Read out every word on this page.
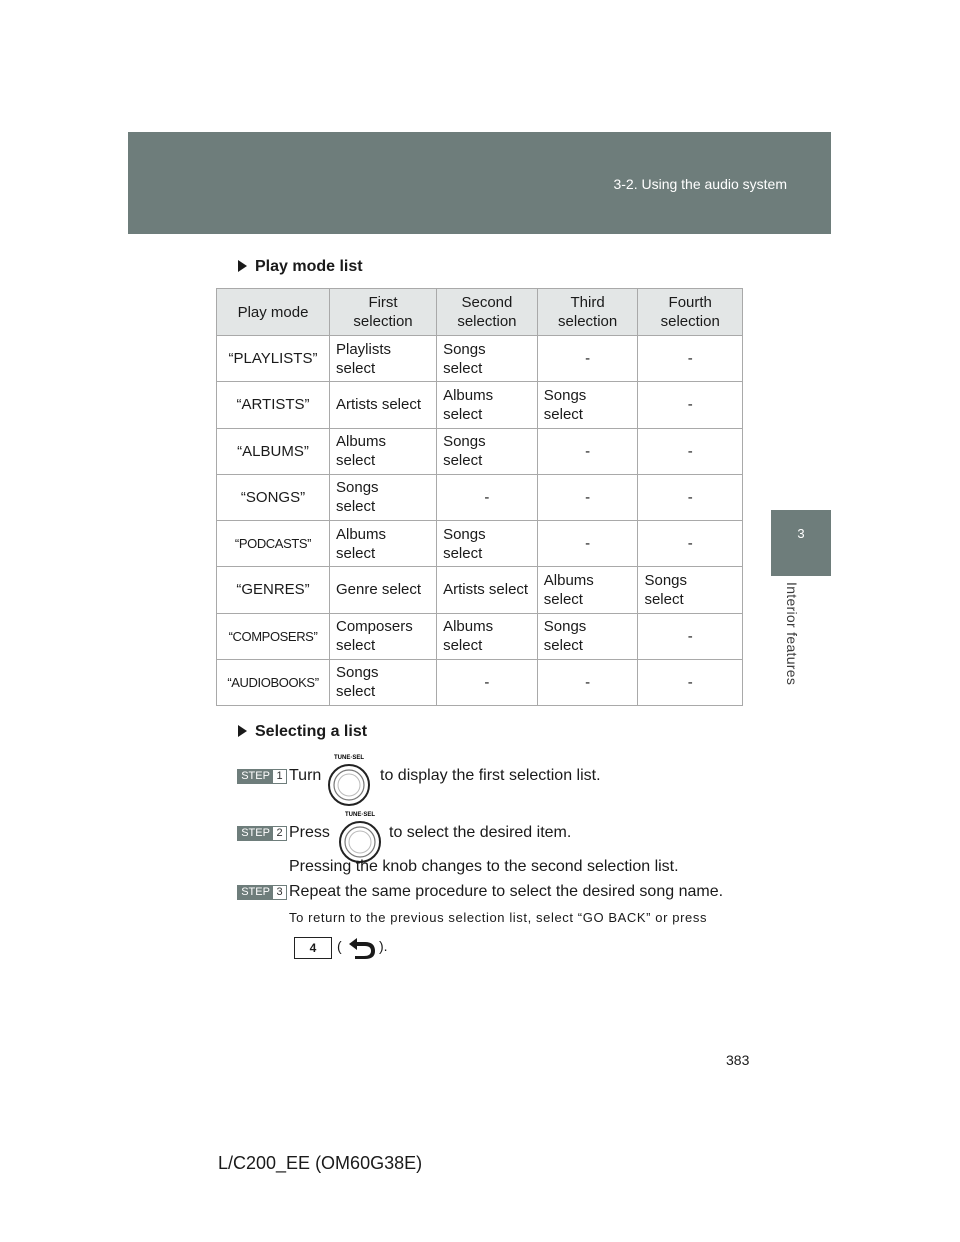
3-2. Using the audio system
3
Interior features
Play mode list
Play mode	First
selection	Second
selection	Third
selection	Fourth
selection
“PLAYLISTS”	Playlists
select	Songs
select	-	-
“ARTISTS”	Artists select	Albums
select	Songs
select	-
“ALBUMS”	Albums
select	Songs
select	-	-
“SONGS”	Songs
select	-	-	-
“PODCASTS”	Albums
select	Songs
select	-	-
“GENRES”	Genre select	Artists select	Albums
select	Songs
select
“COMPOSERS”	Composers
select	Albums
select	Songs
select	-
“AUDIOBOOKS”	Songs
select	-	-	-
Selecting a list
STEP 1 Turn
TUNE·SEL
to display the first selection list.
STEP 2 Press
TUNE·SEL
to select the desired item.
Pressing the knob changes to the second selection list.
STEP 3 Repeat the same procedure to select the desired song name.
To return to the previous selection list, select “GO BACK” or press
4	(	).
383
L/C200_EE (OM60G38E)
